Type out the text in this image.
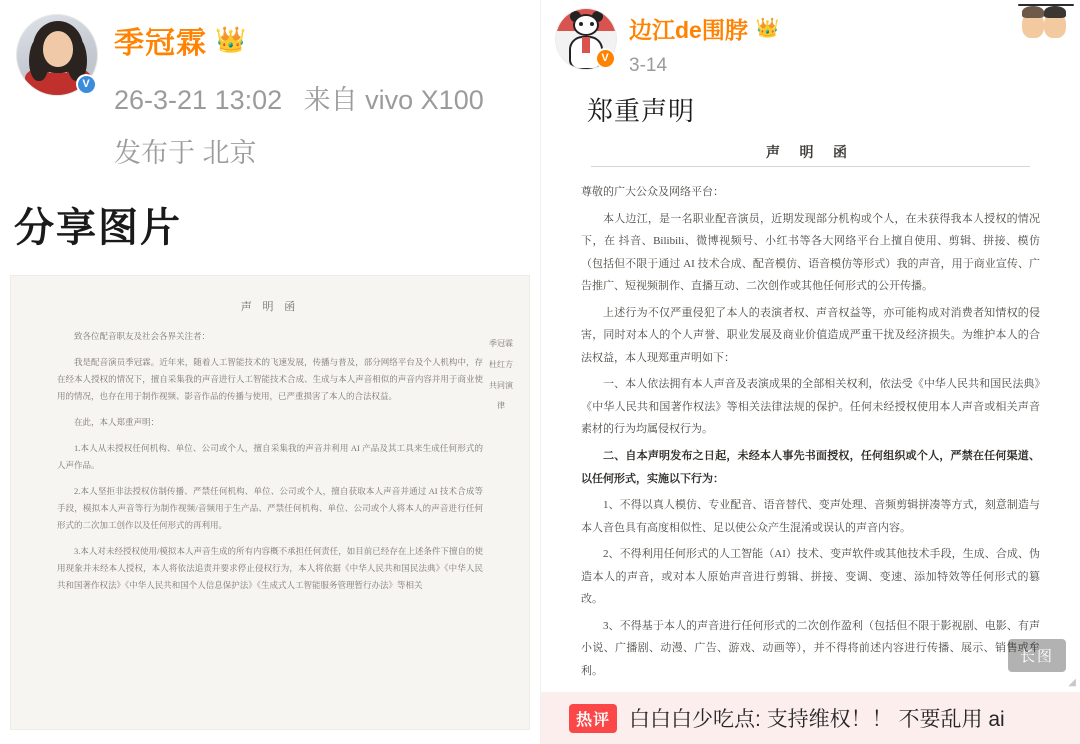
V
季冠霖 👑
26-3-21 13:02 来自 vivo X100
发布于 北京
分享图片
声 明 函
季冠霖
杜红方
共同演
律

致各位配音职友及社会各界关注者：

我是配音演员季冠霖。近年来，随着人工智能技术的飞速发展，传播与普及，部分网络平台及个人机构中，存在经本人授权的情况下，擅自采集我的声音进行人工智能技术合成、生成与本人声音相似的声音内容并用于商业使用的情况，也存在用于制作视频、影音作品的传播与使用，已严重损害了本人的合法权益。

在此，本人郑重声明：

1.本人从未授权任何机构、单位、公司或个人，擅自采集我的声音并利用 AI 产品及其工具来生成任何形式的人声作品。

2.本人坚拒非法授权仿制传播、严禁任何机构、单位、公司或个人，擅自获取本人声音并通过 AI 技术合成等手段，模拟本人声音等行为制作视频/音频用于生产品、严禁任何机构、单位、公司或个人将本人的声音进行任何形式的二次加工创作以及任何形式的再利用。

3.本人对未经授权使用/模拟本人声音生成的所有内容概不承担任何责任，如目前已经存在上述条件下擅自的使用现象并未经本人授权，本人将依法追责并要求停止侵权行为，本人将依据《中华人民共和国民法典》《中华人民共和国著作权法》《中华人民共和国个人信息保护法》《生成式人工智能服务管理暂行办法》等相关

V
边江de围脖 👑
3-14
郑重声明
声 明 函

尊敬的广大公众及网络平台：

本人边江，是一名职业配音演员，近期发现部分机构或个人，在未获得我本人授权的情况下，在 抖音、Bilibili、微博视频号、小红书等各大网络平台上擅自使用、剪辑、拼接、模仿（包括但不限于通过 AI 技术合成、配音模仿、语音模仿等形式）我的声音，用于商业宣传、广告推广、短视频制作、直播互动、二次创作或其他任何形式的公开传播。

上述行为不仅严重侵犯了本人的表演者权、声音权益等，亦可能构成对消费者知情权的侵害，同时对本人的个人声誉、职业发展及商业价值造成严重干扰及经济损失。为维护本人的合法权益，本人现郑重声明如下：

一、本人依法拥有本人声音及表演成果的全部相关权利，依法受《中华人民共和国民法典》《中华人民共和国著作权法》等相关法律法规的保护。任何未经授权使用本人声音或相关声音素材的行为均属侵权行为。

二、自本声明发布之日起，未经本人事先书面授权，任何组织或个人，严禁在任何渠道、以任何形式，实施以下行为：

1、不得以真人模仿、专业配音、语音替代、变声处理、音频剪辑拼凑等方式，刻意制造与本人音色具有高度相似性、足以使公众产生混淆或误认的声音内容。

2、不得利用任何形式的人工智能（AI）技术、变声软件或其他技术手段，生成、合成、伪造本人的声音，或对本人原始声音进行剪辑、拼接、变调、变速、添加特效等任何形式的篡改。

3、不得基于本人的声音进行任何形式的二次创作盈利（包括但不限于影视剧、电影、有声小说、广播剧、动漫、广告、游戏、动画等），并不得将前述内容进行传播、展示、销售或牟利。

长图
◢
热评 白白白少吃点: 支持维权！！ 不要乱用 ai
